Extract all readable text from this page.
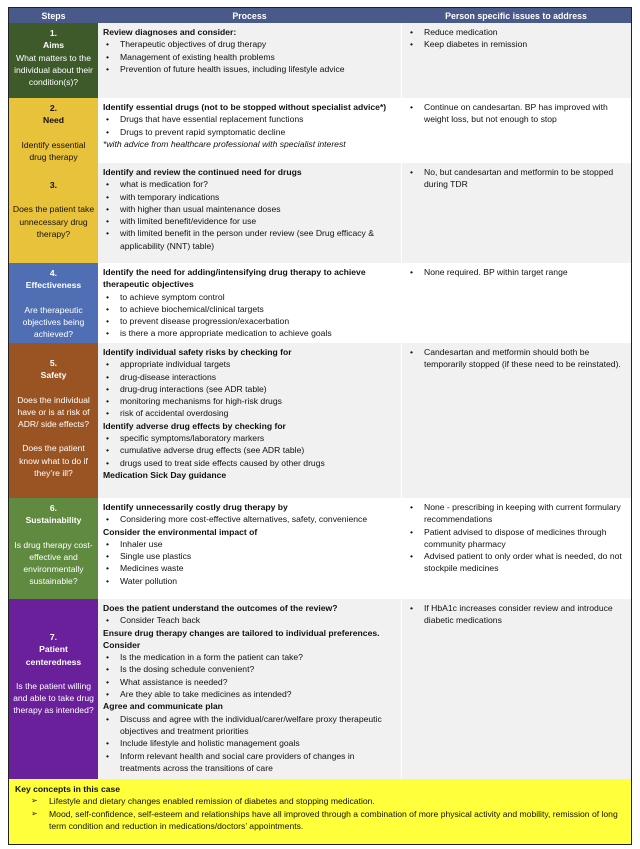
Steps	Process	Person specific issues to address
1.
Aims
What matters to the individual about their condition(s)?
Review diagnoses and consider:
• Therapeutic objectives of drug therapy
• Management of existing health problems
• Prevention of future health issues, including lifestyle advice
• Reduce medication
• Keep diabetes in remission
2.
Need
Identify essential drug therapy
Identify essential drugs (not to be stopped without specialist advice*)
• Drugs that have essential replacement functions
• Drugs to prevent rapid symptomatic decline
*with advice from healthcare professional with specialist interest
• Continue on candesartan. BP has improved with weight loss, but not enough to stop
3.
Does the patient take unnecessary drug therapy?
Identify and review the continued need for drugs
• what is medication for?
• with temporary indications
• with higher than usual maintenance doses
• with limited benefit/evidence for use
• with limited benefit in the person under review (see Drug efficacy & applicability (NNT) table)
• No, but candesartan and metformin to be stopped during TDR
4.
Effectiveness
Are therapeutic objectives being achieved?
Identify the need for adding/intensifying drug therapy to achieve therapeutic objectives
• to achieve symptom control
• to achieve biochemical/clinical targets
• to prevent disease progression/exacerbation
• is there a more appropriate medication to achieve goals
• None required. BP within target range
5.
Safety
Does the individual have or is at risk of ADR/ side effects?
Does the patient know what to do if they’re ill?
Identify individual safety risks by checking for
• appropriate individual targets
• drug-disease interactions
• drug-drug interactions (see ADR table)
• monitoring mechanisms for high-risk drugs
• risk of accidental overdosing
Identify adverse drug effects by checking for
• specific symptoms/laboratory markers
• cumulative adverse drug effects (see ADR table)
• drugs used to treat side effects caused by other drugs
Medication Sick Day guidance
• Candesartan and metformin should both be temporarily stopped (if these need to be reinstated).
6.
Sustainability
Is drug therapy cost-effective and environmentally sustainable?
Identify unnecessarily costly drug therapy by
• Considering more cost-effective alternatives, safety, convenience
Consider the environmental impact of
• Inhaler use
• Single use plastics
• Medicines waste
• Water pollution
• None - prescribing in keeping with current formulary recommendations
• Patient advised to dispose of medicines through community pharmacy
• Advised patient to only order what is needed, do not stockpile medicines
7.
Patient centeredness
Is the patient willing and able to take drug therapy as intended?
Does the patient understand the outcomes of the review?
• Consider Teach back
Ensure drug therapy changes are tailored to individual preferences. Consider
• Is the medication in a form the patient can take?
• Is the dosing schedule convenient?
• What assistance is needed?
• Are they able to take medicines as intended?
Agree and communicate plan
• Discuss and agree with the individual/carer/welfare proxy therapeutic objectives and treatment priorities
• Include lifestyle and holistic management goals
• Inform relevant health and social care providers of changes in treatments across the transitions of care
• If HbA1c increases consider review and introduce diabetic medications
Key concepts in this case
➢ Lifestyle and dietary changes enabled remission of diabetes and stopping medication.
➢ Mood, self-confidence, self-esteem and relationships have all improved through a combination of more physical activity and mobility, remission of long term condition and reduction in medications/doctors’ appointments.
